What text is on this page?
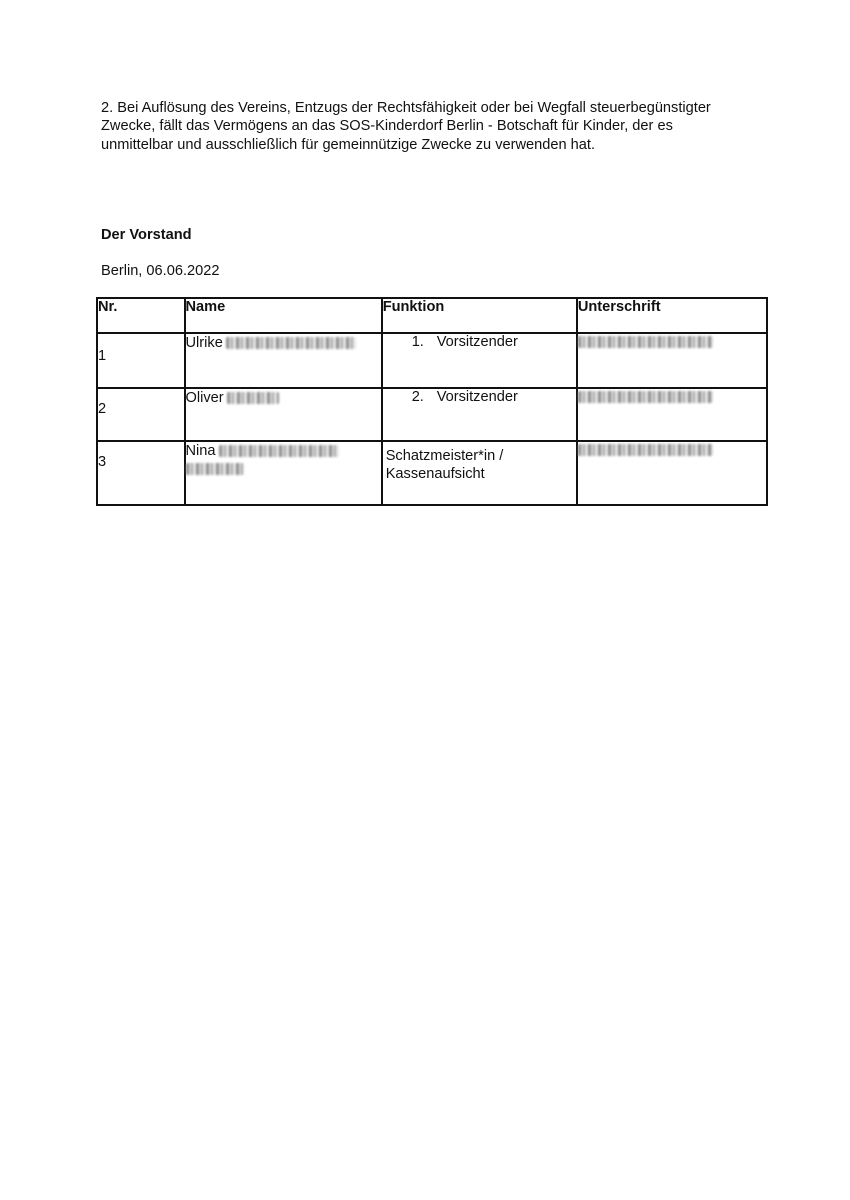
2. Bei Auflösung des Vereins, Entzugs der Rechtsfähigkeit oder bei Wegfall steuerbegünstigter Zwecke, fällt das Vermögens an das SOS-Kinderdorf Berlin - Botschaft für Kinder, der es unmittelbar und ausschließlich für gemeinnützige Zwecke zu verwenden hat.

Der Vorstand

Berlin, 06.06.2022

Nr.	Name	Funktion	Unterschrift
1	Ulrike	1. Vorsitzender	
2	Oliver	2. Vorsitzender	
3	Nina	Schatzmeister*in /
Kassenaufsicht	
